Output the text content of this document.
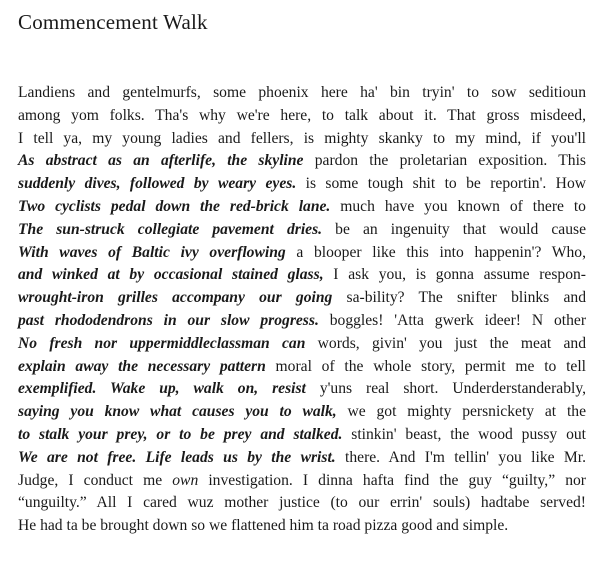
Commencement Walk
Landiens and gentelmurfs, some phoenix here ha' bin tryin' to sow seditioun
among yom folks. Tha's why we're here, to talk about it. That gross misdeed,
I tell ya, my young ladies and fellers, is mighty skanky to my mind, if you'll
As abstract as an afterlife, the skyline pardon the proletarian exposition. This
suddenly dives, followed by weary eyes. is some tough shit to be reportin'. How
Two cyclists pedal down the red-brick lane. much have you known of there to
The sun-struck collegiate pavement dries. be an ingenuity that would cause
With waves of Baltic ivy overflowing a blooper like this into happenin'? Who,
and winked at by occasional stained glass, I ask you, is gonna assume respon-
wrought-iron grilles accompany our going sa-bility? The snifter blinks and
past rhododendrons in our slow progress. boggles! 'Atta gwerk ideer! N other
No fresh nor uppermiddleclassman can words, givin' you just the meat and
explain away the necessary pattern moral of the whole story, permit me to tell
exemplified. Wake up, walk on, resist y'uns real short. Underderstanderably,
saying you know what causes you to walk, we got mighty persnickety at the
to stalk your prey, or to be prey and stalked. stinkin' beast, the wood pussy out
We are not free. Life leads us by the wrist. there. And I'm tellin' you like Mr.
Judge, I conduct me own investigation. I dinna hafta find the guy “guilty,” nor
“unguilty.” All I cared wuz mother justice (to our errin' souls) hadtabe served!
He had ta be brought down so we flattened him ta road pizza good and simple.
